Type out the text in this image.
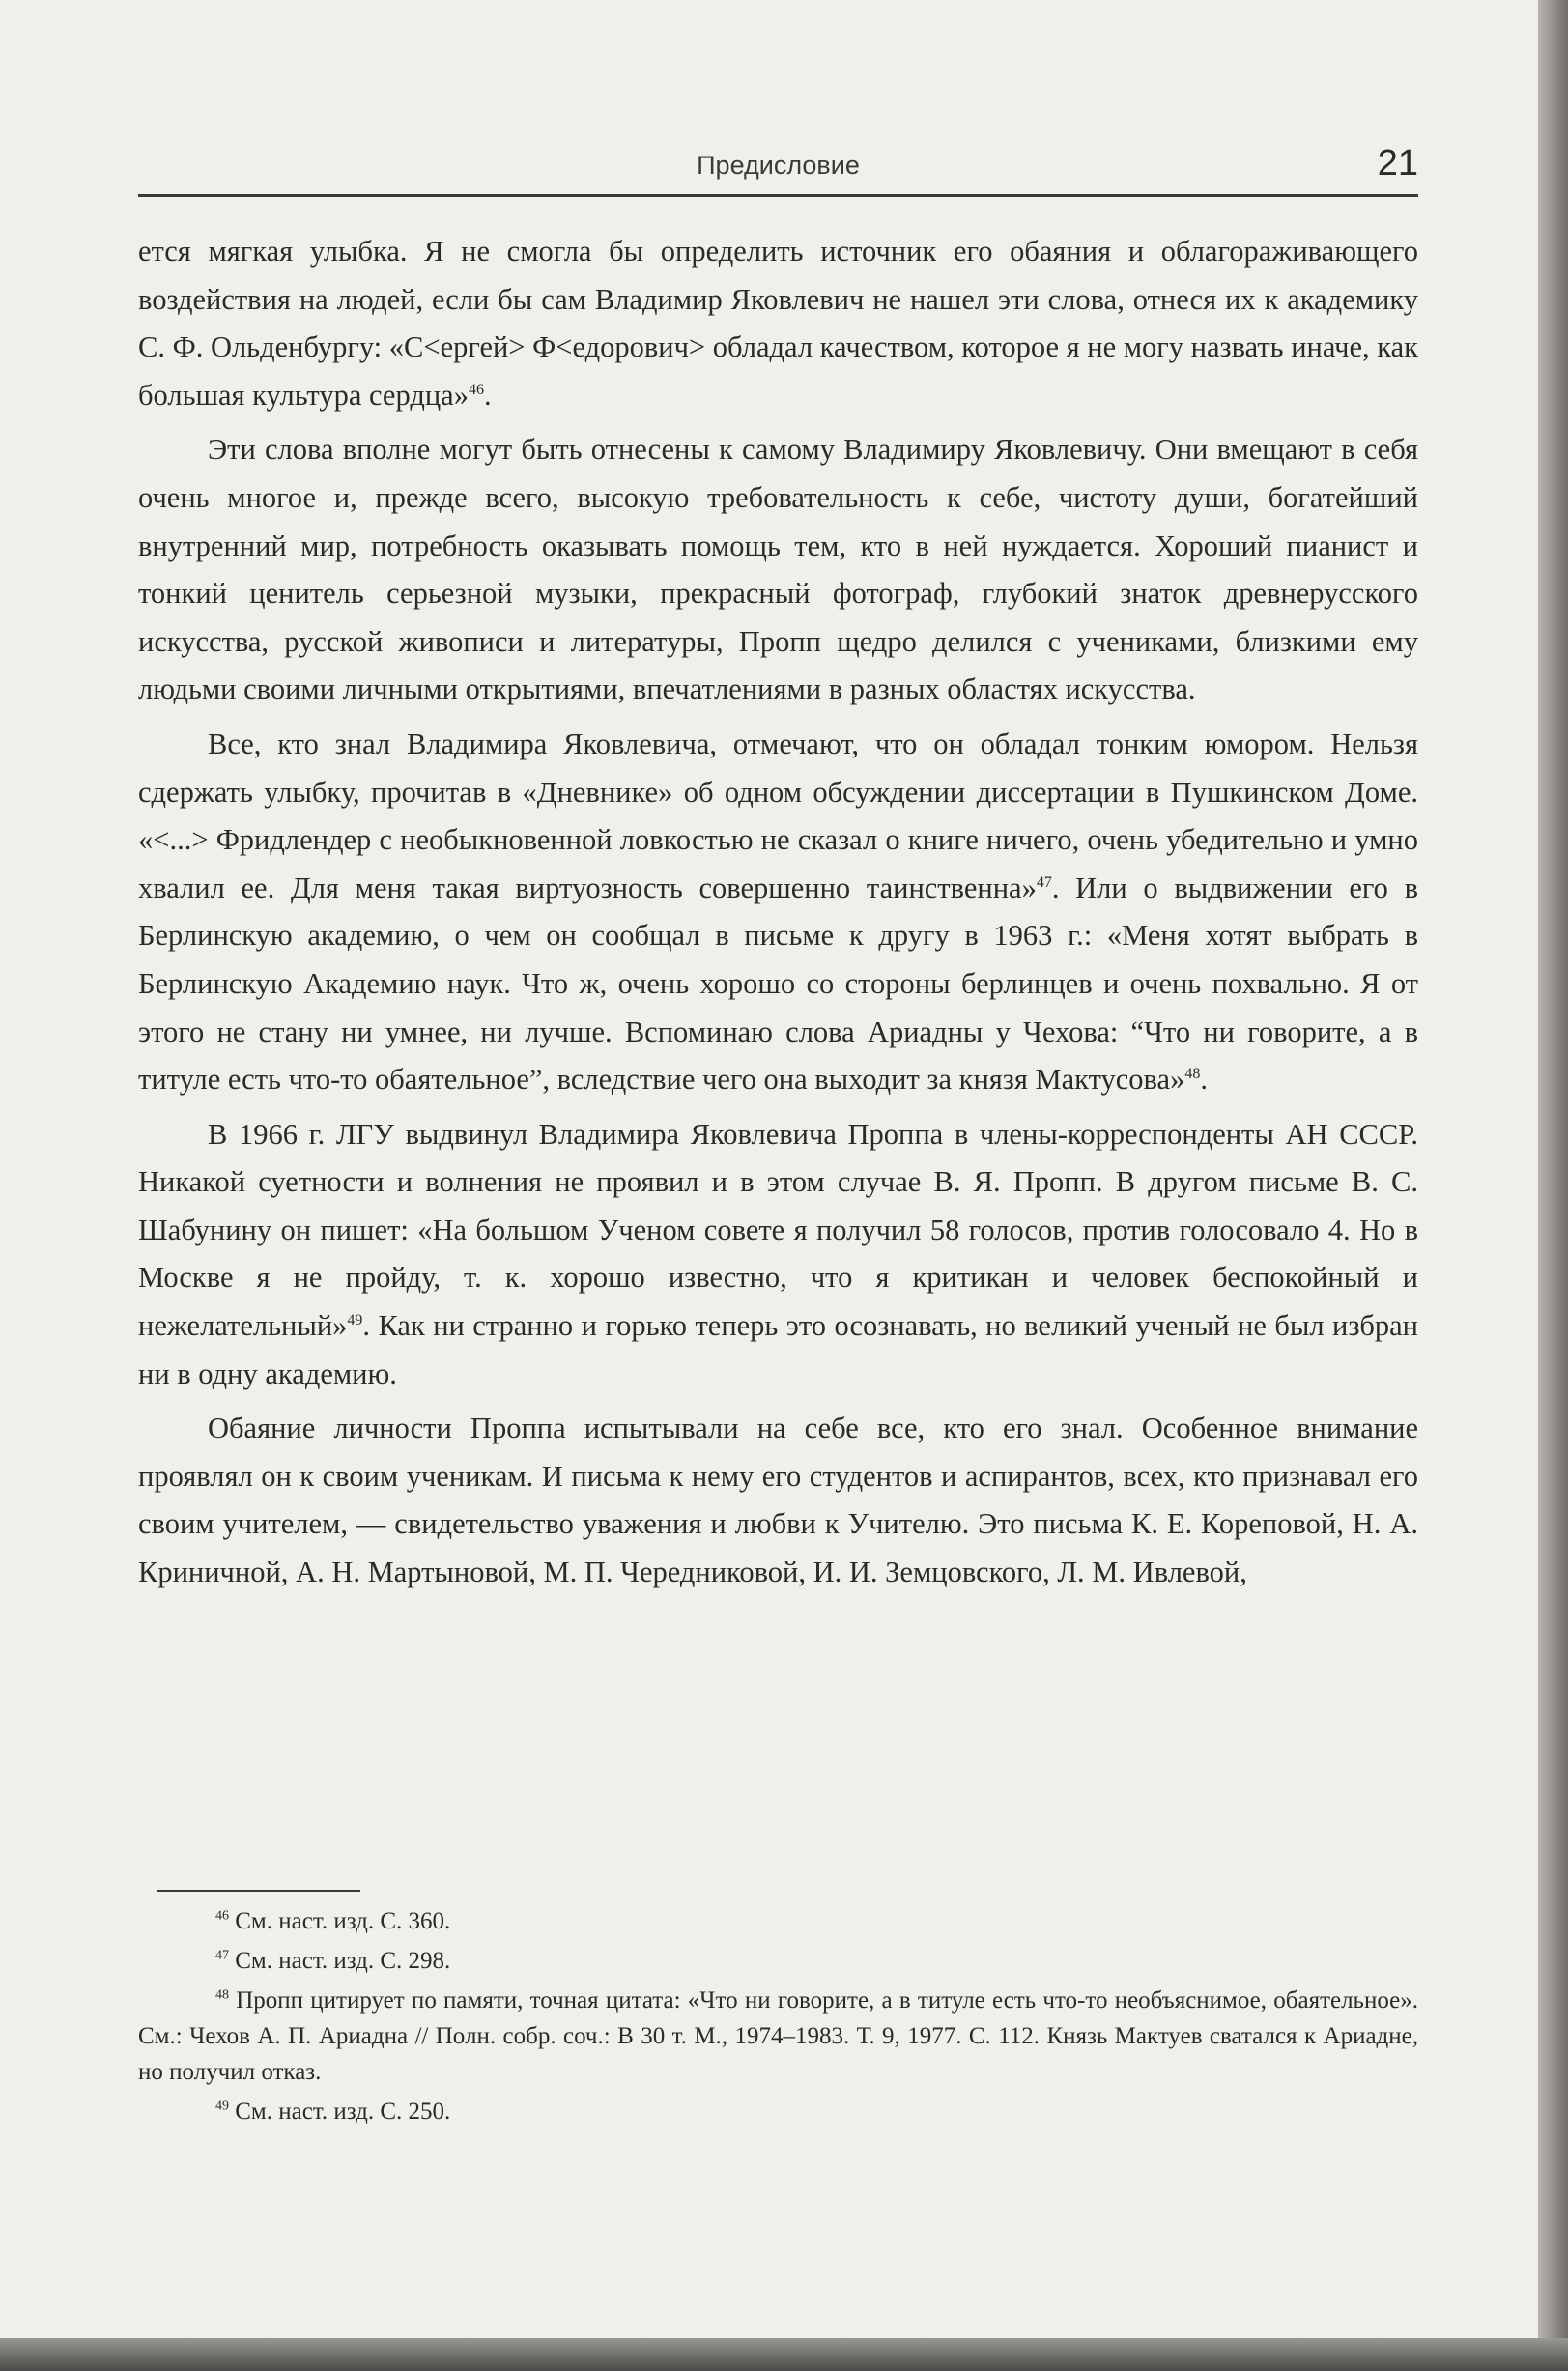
Предисловие	21

ется мягкая улыбка. Я не смогла бы определить источник его обаяния и облагораживающего воздействия на людей, если бы сам Владимир Яковлевич не нашел эти слова, отнеся их к академику С. Ф. Ольденбургу: «С<ергей> Ф<едорович> обладал качеством, которое я не могу назвать иначе, как большая культура сердца»$^{46}$.

Эти слова вполне могут быть отнесены к самому Владимиру Яковлевичу. Они вмещают в себя очень многое и, прежде всего, высокую требовательность к себе, чистоту души, богатейший внутренний мир, потребность оказывать помощь тем, кто в ней нуждается. Хороший пианист и тонкий ценитель серьезной музыки, прекрасный фотограф, глубокий знаток древнерусского искусства, русской живописи и литературы, Пропп щедро делился с учениками, близкими ему людьми своими личными открытиями, впечатлениями в разных областях искусства.

Все, кто знал Владимира Яковлевича, отмечают, что он обладал тонким юмором. Нельзя сдержать улыбку, прочитав в «Дневнике» об одном обсуждении диссертации в Пушкинском Доме. «<...> Фридлендер с необыкновенной ловкостью не сказал о книге ничего, очень убедительно и умно хвалил ее. Для меня такая виртуозность совершенно таинственна»$^{47}$. Или о выдвижении его в Берлинскую академию, о чем он сообщал в письме к другу в 1963 г.: «Меня хотят выбрать в Берлинскую Академию наук. Что ж, очень хорошо со стороны берлинцев и очень похвально. Я от этого не стану ни умнее, ни лучше. Вспоминаю слова Ариадны у Чехова: “Что ни говорите, а в титуле есть что-то обаятельное”, вследствие чего она выходит за князя Мактусова»$^{48}$.

В 1966 г. ЛГУ выдвинул Владимира Яковлевича Проппа в члены-корреспонденты АН СССР. Никакой суетности и волнения не проявил и в этом случае В. Я. Пропп. В другом письме В. С. Шабунину он пишет: «На большом Ученом совете я получил 58 голосов, против голосовало 4. Но в Москве я не пройду, т. к. хорошо известно, что я критикан и человек беспокойный и нежелательный»$^{49}$. Как ни странно и горько теперь это осознавать, но великий ученый не был избран ни в одну академию.

Обаяние личности Проппа испытывали на себе все, кто его знал. Особенное внимание проявлял он к своим ученикам. И письма к нему его студентов и аспирантов, всех, кто признавал его своим учителем, — свидетельство уважения и любви к Учителю. Это письма К. Е. Кореповой, Н. А. Криничной, А. Н. Мартыновой, М. П. Чередниковой, И. И. Земцовского, Л. М. Ивлевой,

$^{46}$ См. наст. изд. С. 360.

$^{47}$ См. наст. изд. С. 298.

$^{48}$ Пропп цитирует по памяти, точная цитата: «Что ни говорите, а в титуле есть что-то необъяснимое, обаятельное». См.: Чехов А. П. Ариадна // Полн. собр. соч.: В 30 т. М., 1974–1983. Т. 9, 1977. С. 112. Князь Мактуев сватался к Ариадне, но получил отказ.

$^{49}$ См. наст. изд. С. 250.
